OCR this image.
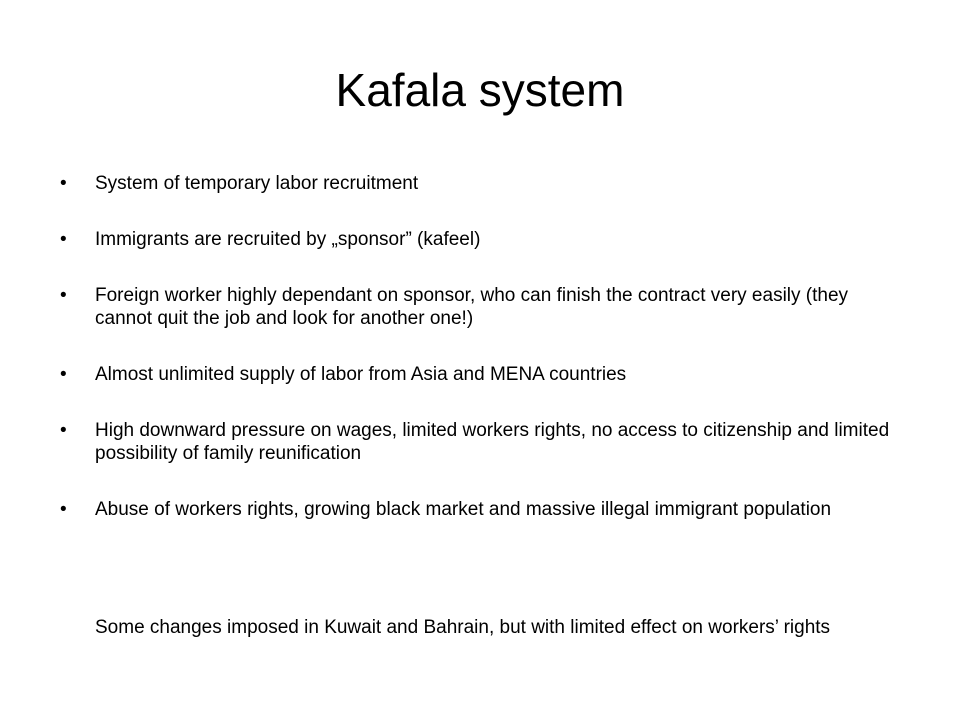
Kafala system
• System of temporary labor recruitment
• Immigrants are recruited by „sponsor” (kafeel)
• Foreign worker highly dependant on sponsor, who can finish the contract very easily (they cannot quit the job and look for another one!)
• Almost unlimited supply of labor from Asia and MENA countries
• High downward pressure on wages, limited workers rights, no access to citizenship and limited possibility of family reunification
• Abuse of workers rights, growing black market and massive illegal immigrant population
Some changes imposed in Kuwait and Bahrain, but with limited effect on workers’ rights
